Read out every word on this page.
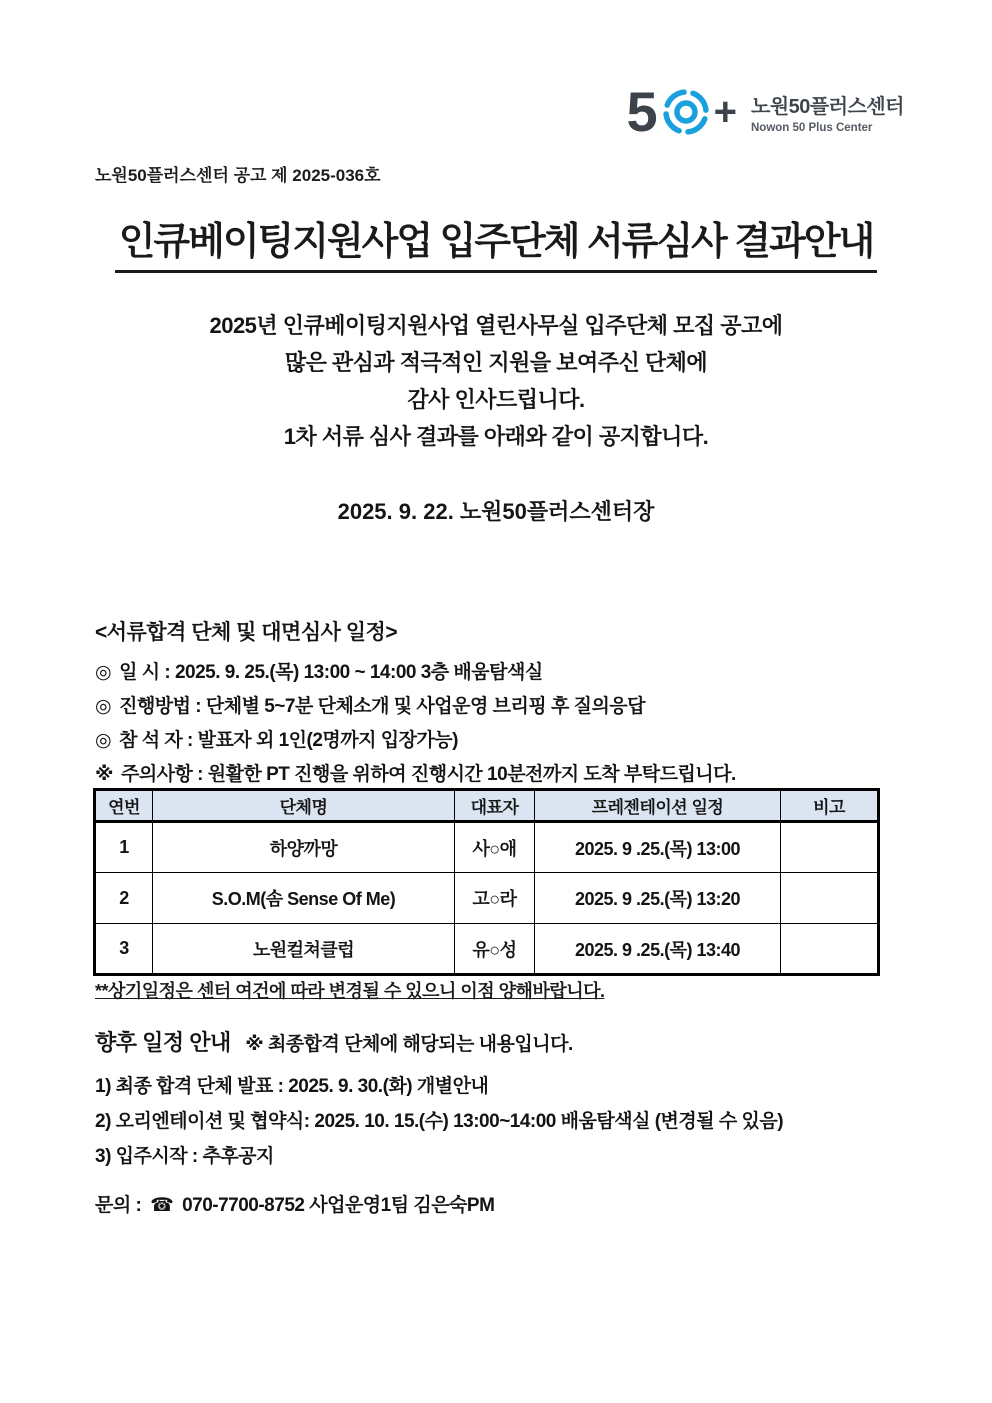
5 + 노원50플러스센터
Nowon 50 Plus Center
노원50플러스센터 공고 제 2025-036호
인큐베이팅지원사업 입주단체 서류심사 결과안내
2025년 인큐베이팅지원사업 열린사무실 입주단체 모집 공고에
많은 관심과 적극적인 지원을 보여주신 단체에
감사 인사드립니다.
1차 서류 심사 결과를 아래와 같이 공지합니다.
2025. 9. 22. 노원50플러스센터장
<서류합격 단체 및 대면심사 일정>
◎ 일 시 : 2025. 9. 25.(목) 13:00 ~ 14:00 3층 배움탐색실
◎ 진행방법 : 단체별 5~7분 단체소개 및 사업운영 브리핑 후 질의응답
◎ 참 석 자 : 발표자 외 1인(2명까지 입장가능)
※ 주의사항 : 원활한 PT 진행을 위하여 진행시간 10분전까지 도착 부탁드립니다.
연번	단체명	대표자	프레젠테이션 일정	비고
1	하양까망	사○애	2025. 9 .25.(목) 13:00	
2	S.O.M(솜 Sense Of Me)	고○라	2025. 9 .25.(목) 13:20	
3	노원컬쳐클럽	유○성	2025. 9 .25.(목) 13:40	
**상기일정은 센터 여건에 따라 변경될 수 있으니 이점 양해바랍니다.
향후 일정 안내 ※ 최종합격 단체에 해당되는 내용입니다.
1) 최종 합격 단체 발표 : 2025. 9. 30.(화) 개별안내
2) 오리엔테이션 및 협약식: 2025. 10. 15.(수) 13:00~14:00 배움탐색실 (변경될 수 있음)
3) 입주시작 : 추후공지
문의 : ☎ 070-7700-8752 사업운영1팀 김은숙PM
